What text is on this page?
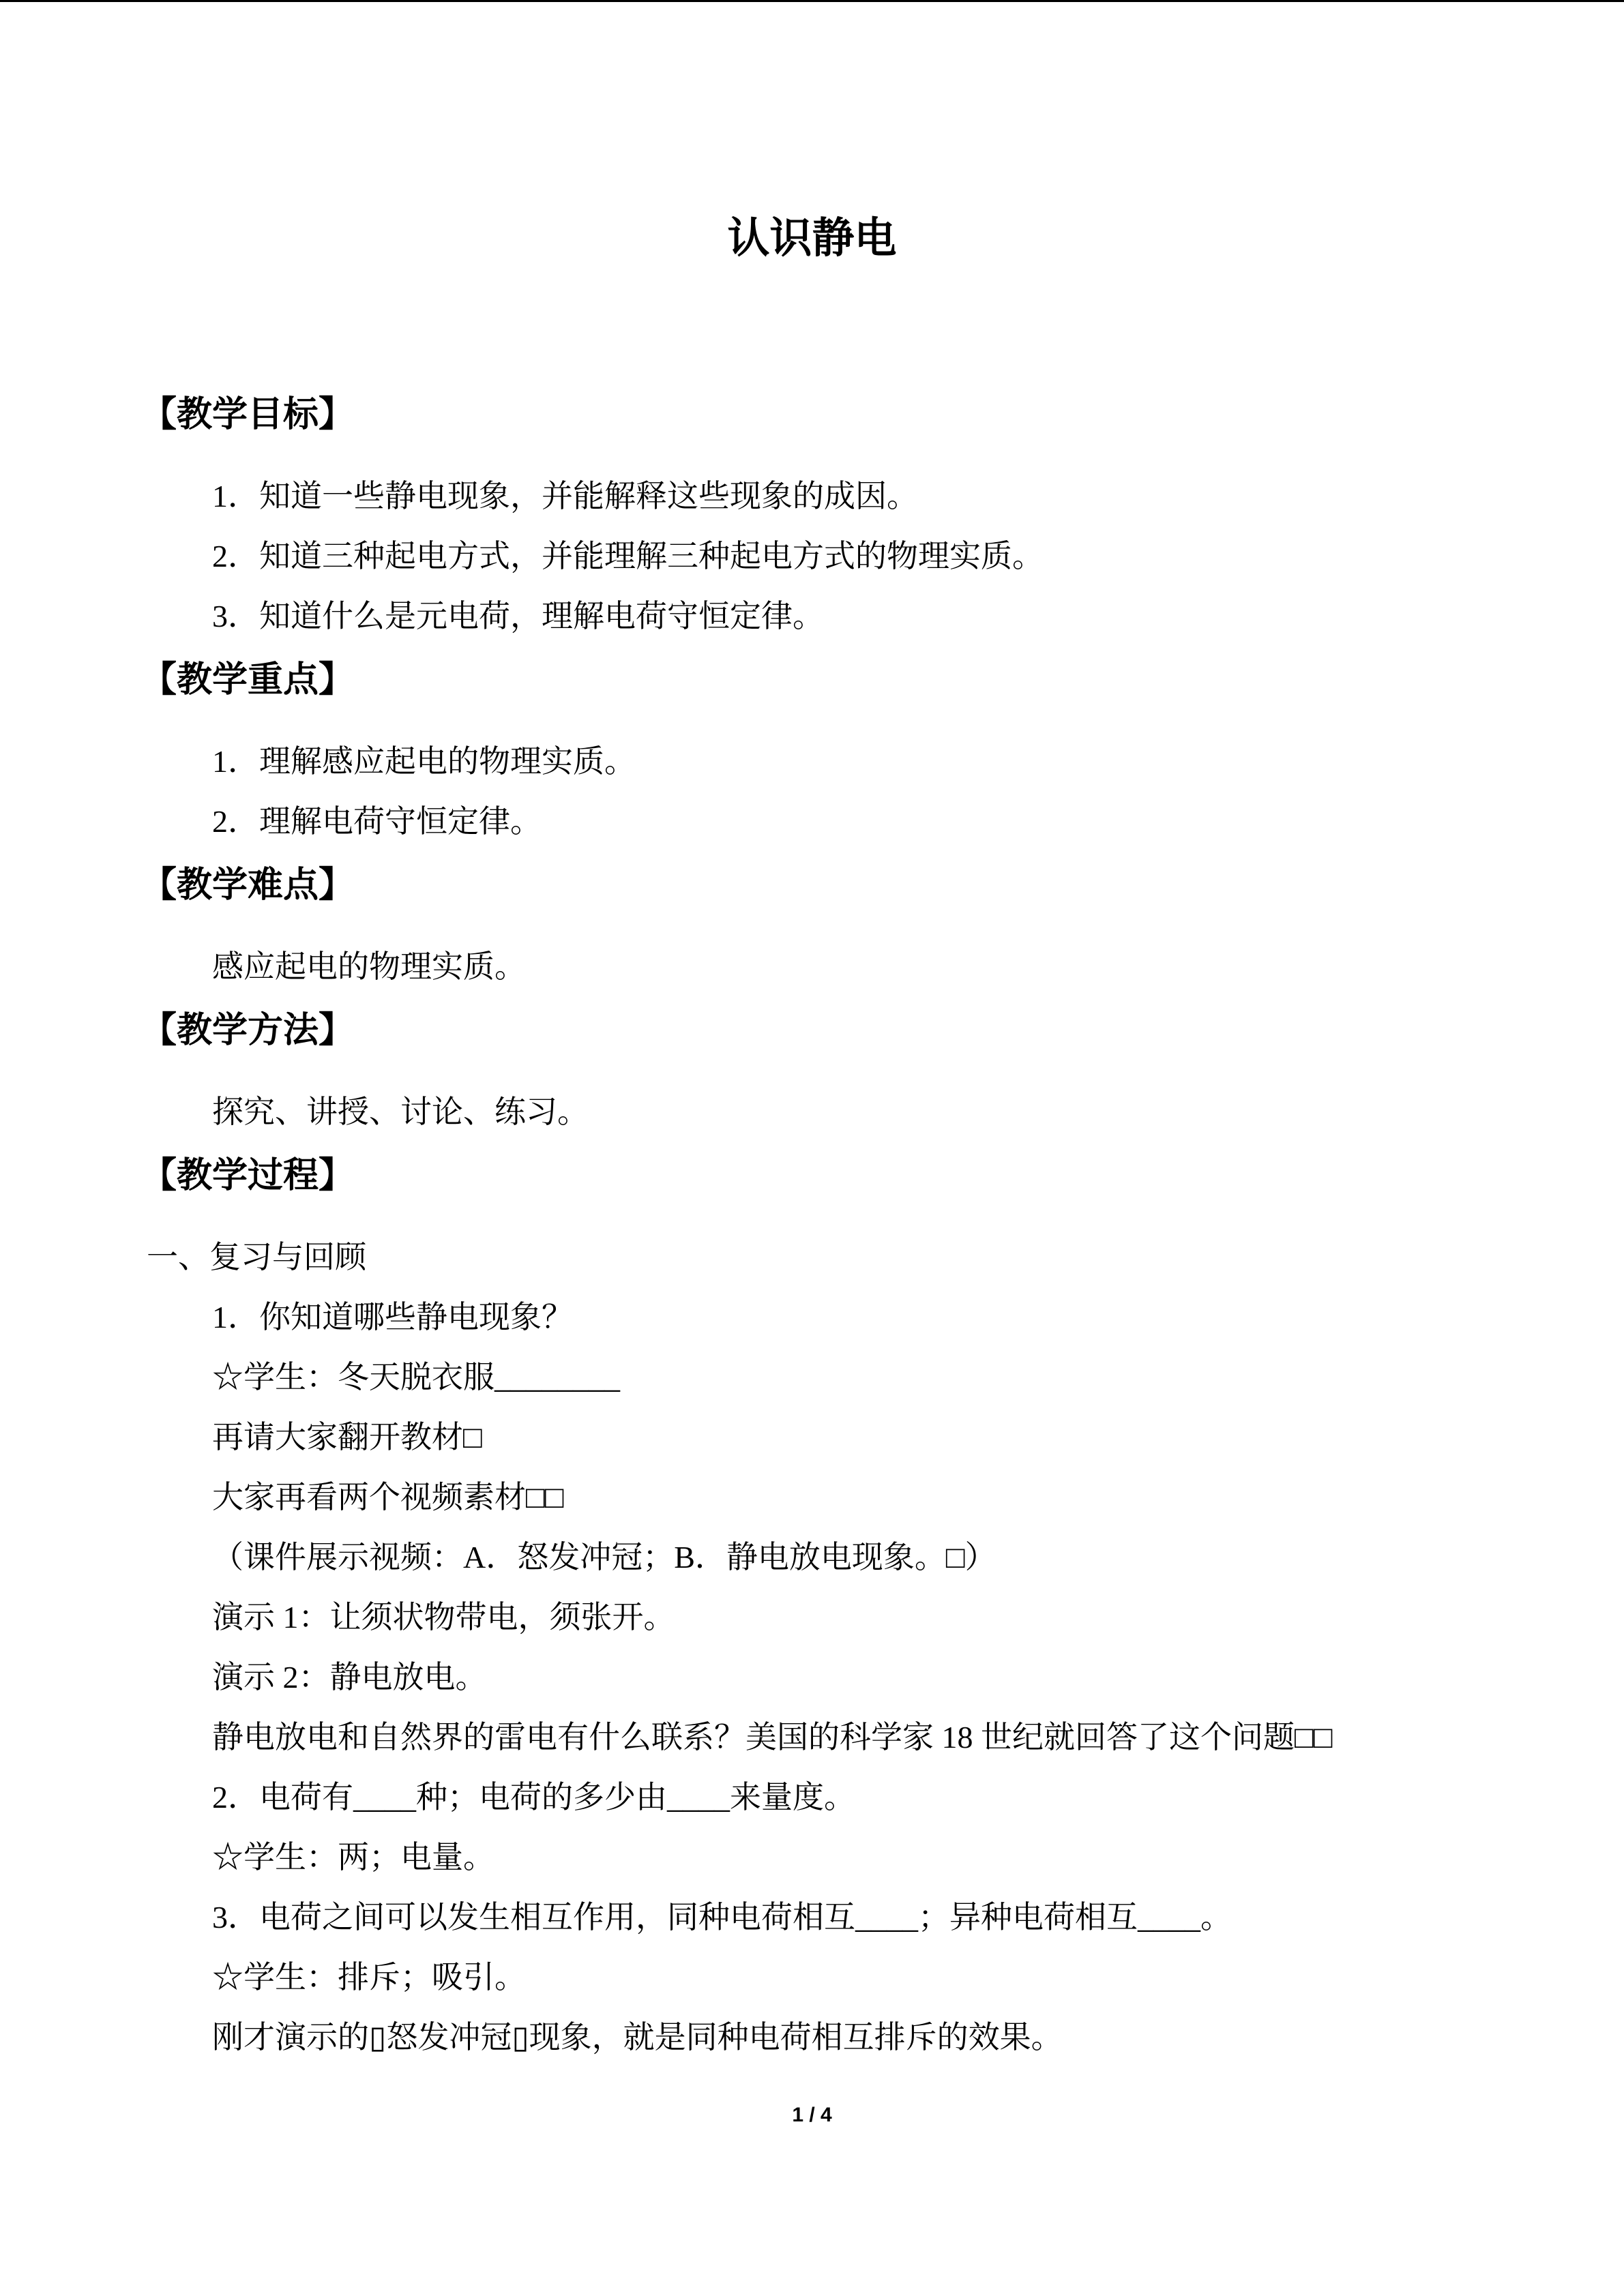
认识静电
【教学目标】

1．知道一些静电现象，并能解释这些现象的成因。

2．知道三种起电方式，并能理解三种起电方式的物理实质。

3．知道什么是元电荷，理解电荷守恒定律。

【教学重点】

1．理解感应起电的物理实质。

2．理解电荷守恒定律。

【教学难点】

感应起电的物理实质。

【教学方法】

探究、讲授、讨论、练习。

【教学过程】

一、复习与回顾

1．你知道哪些静电现象？

☆学生：冬天脱衣服________

再请大家翻开教材□

大家再看两个视频素材□□

（课件展示视频：A．怒发冲冠；B．静电放电现象。□）

演示 1：让须状物带电，须张开。

演示 2：静电放电。

静电放电和自然界的雷电有什么联系？美国的科学家 18 世纪就回答了这个问题□□

2．电荷有____种；电荷的多少由____来量度。

☆学生：两；电量。

3．电荷之间可以发生相互作用，同种电荷相互____；异种电荷相互____。

☆学生：排斥；吸引。

刚才演示的▯怒发冲冠▯现象，就是同种电荷相互排斥的效果。

1 / 4
